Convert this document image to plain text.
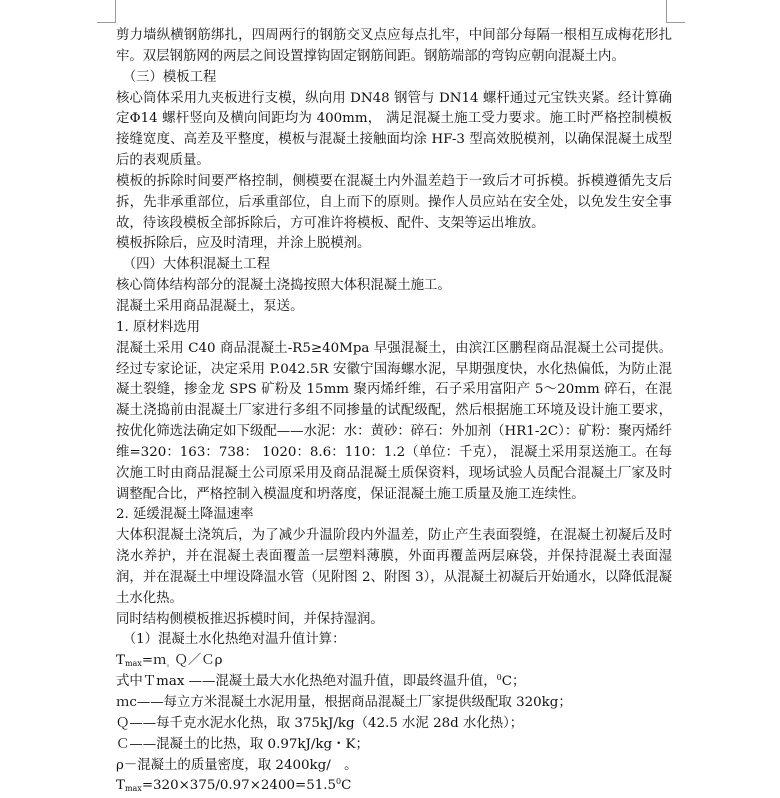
剪力墙纵横钢筋绑扎，四周两行的钢筋交叉点应每点扎牢，中间部分每隔一根相互成梅花形扎牢。双层钢筋网的两层之间设置撑钩固定钢筋间距。钢筋端部的弯钩应朝向混凝土内。

（三）模板工程

核心筒体采用九夹板进行支模，纵向用 DN48 钢管与 DN14 螺杆通过元宝铁夹紧。经计算确定Φ14 螺杆竖向及横向间距均为 400mm， 满足混凝土施工受力要求。施工时严格控制模板接缝宽度、高差及平整度，模板与混凝土接触面均涂 HF-3 型高效脱模剂，以确保混凝土成型后的表观质量。

模板的拆除时间要严格控制，侧模要在混凝土内外温差趋于一致后才可拆模。拆模遵循先支后拆，先非承重部位，后承重部位，自上而下的原则。操作人员应站在安全处，以免发生安全事故，待该段模板全部拆除后，方可准许将模板、配件、支架等运出堆放。

模板拆除后，应及时清理，并涂上脱模剂。

（四）大体积混凝土工程

核心筒体结构部分的混凝土浇捣按照大体积混凝土施工。

混凝土采用商品混凝土，泵送。

1. 原材料选用

混凝土采用 C40 商品混凝土-R5≥40Mpa 早强混凝土，由滨江区鹏程商品混凝土公司提供。经过专家论证，决定采用 P.042.5R 安徽宁国海螺水泥，早期强度快，水化热偏低，为防止混凝土裂缝，掺金龙 SPS 矿粉及 15mm 聚丙烯纤维，石子采用富阳产 5～20mm 碎石，在混凝土浇捣前由混凝土厂家进行多组不同掺量的试配级配，然后根据施工环境及设计施工要求，按优化筛选法确定如下级配——水泥：水：黄砂：碎石：外加剂（HR1-2C）：矿粉：聚丙烯纤维=320：163：738： 1020：8.6：110：1.2（单位：千克）， 混凝土采用泵送施工。在每次施工时由商品混凝土公司原采用及商品混凝土质保资料，现场试验人员配合混凝土厂家及时调整配合比，严格控制入模温度和坍落度，保证混凝土施工质量及施工连续性。

2. 延缓混凝土降温速率

大体积混凝土浇筑后，为了减少升温阶段内外温差，防止产生表面裂缝，在混凝土初凝后及时浇水养护，并在混凝土表面覆盖一层塑料薄膜，外面再覆盖两层麻袋，并保持混凝土表面湿润，并在混凝土中埋设降温水管（见附图 2、附图 3），从混凝土初凝后开始通水，以降低混凝土水化热。

同时结构侧模板推迟拆模时间，并保持湿润。

（1）混凝土水化热绝对温升值计算：

$T_{max}=m_。Q/C\rho$

式中Ｔmax ——混凝土最大水化热绝对温升值，即最终温升值，$^0$C；

ｍc——每立方米混凝土水泥用量，根据商品混凝土厂家提供级配取 320kg；

Ｑ——每千克水泥水化热，取 375kJ/kg（42.5 水泥 28d 水化热）；

Ｃ——混凝土的比热，取 0.97kJ/kg・K；

ρ－混凝土的质量密度，取 2400kg/　。

$T_{max}=320\times 375/0.97\times 2400=51.5^0C$
